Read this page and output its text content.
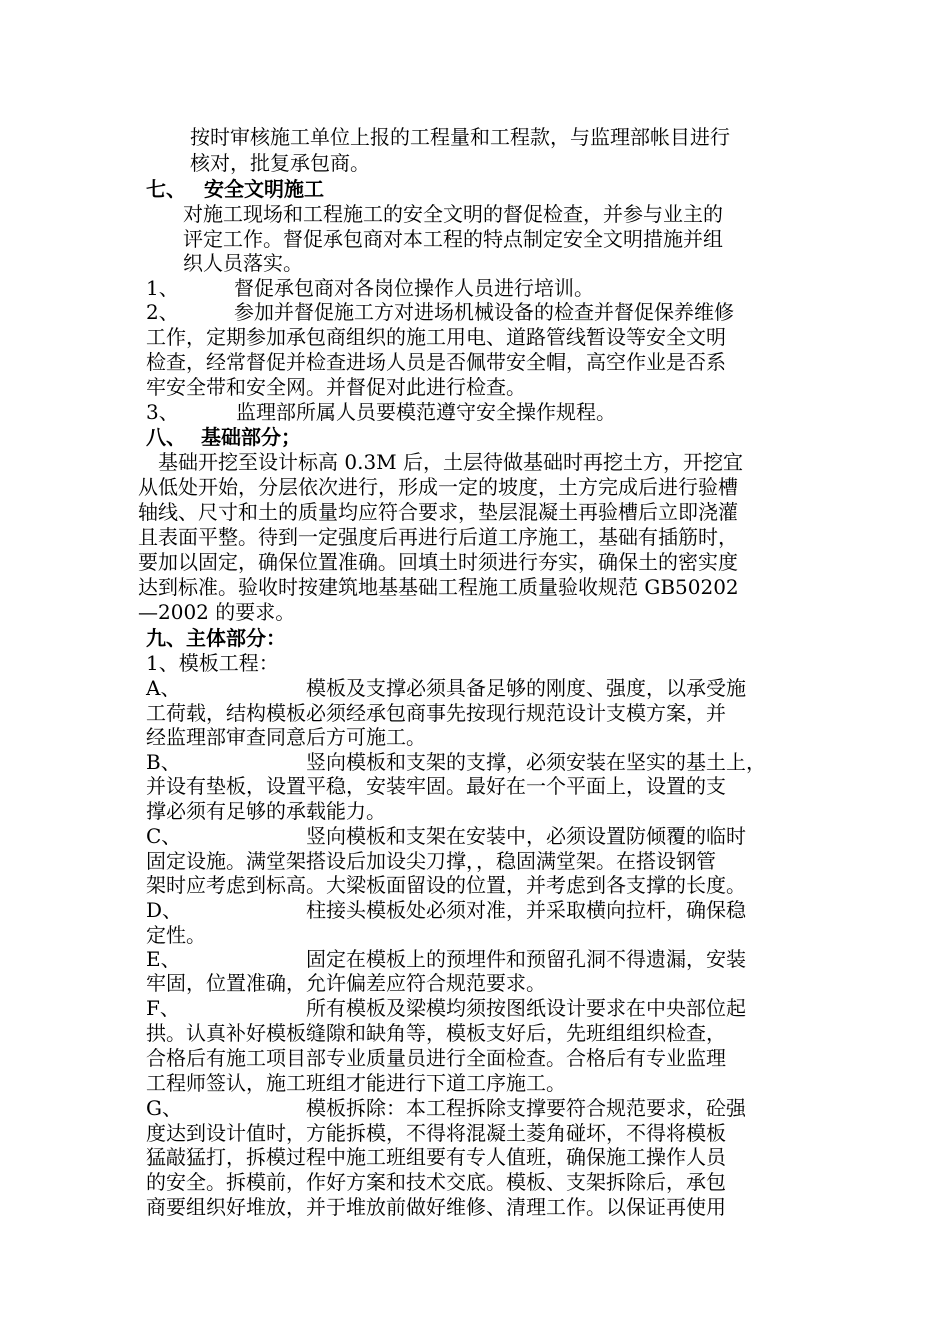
按时审核施工单位上报的工程量和工程款，与监理部帐目进行
核对，批复承包商。
七、 安全文明施工
对施工现场和工程施工的安全文明的督促检查，并参与业主的
评定工作。督促承包商对本工程的特点制定安全文明措施并组
织人员落实。
1、	督促承包商对各岗位操作人员进行培训。
2、	参加并督促施工方对进场机械设备的检查并督促保养维修
工作，定期参加承包商组织的施工用电、道路管线暂设等安全文明
检查，经常督促并检查进场人员是否佩带安全帽，高空作业是否系
牢安全带和安全网。并督促对此进行检查。
3、	监理部所属人员要模范遵守安全操作规程。
八、 基础部分；
基础开挖至设计标高 0.3M 后，土层待做基础时再挖土方，开挖宜
从低处开始，分层依次进行，形成一定的坡度，土方完成后进行验槽
轴线、尺寸和土的质量均应符合要求，垫层混凝土再验槽后立即浇灌
且表面平整。待到一定强度后再进行后道工序施工，基础有插筋时，
要加以固定，确保位置准确。回填土时须进行夯实，确保土的密实度
达到标准。验收时按建筑地基基础工程施工质量验收规范 GB50202
—2002 的要求。
九、主体部分：
1、模板工程：
A、	模板及支撑必须具备足够的刚度、强度，以承受施
工荷载，结构模板必须经承包商事先按现行规范设计支模方案，并
经监理部审查同意后方可施工。
B、	竖向模板和支架的支撑，必须安装在坚实的基土上，
并设有垫板，设置平稳，安装牢固。最好在一个平面上，设置的支
撑必须有足够的承载能力。
C、	竖向模板和支架在安装中，必须设置防倾覆的临时
固定设施。满堂架搭设后加设尖刀撑，，稳固满堂架。在搭设钢管
架时应考虑到标高。大梁板面留设的位置，并考虑到各支撑的长度。
D、	柱接头模板处必须对准，并采取横向拉杆，确保稳
定性。
E、	固定在模板上的预埋件和预留孔洞不得遗漏，安装
牢固，位置准确，允许偏差应符合规范要求。
F、	所有模板及梁模均须按图纸设计要求在中央部位起
拱。认真补好模板缝隙和缺角等，模板支好后，先班组组织检查，
合格后有施工项目部专业质量员进行全面检查。合格后有专业监理
工程师签认，施工班组才能进行下道工序施工。
G、	模板拆除：本工程拆除支撑要符合规范要求，砼强
度达到设计值时，方能拆模，不得将混凝土菱角碰坏，不得将模板
猛敲猛打，拆模过程中施工班组要有专人值班，确保施工操作人员
的安全。拆模前，作好方案和技术交底。模板、支架拆除后，承包
商要组织好堆放，并于堆放前做好维修、清理工作。以保证再使用
